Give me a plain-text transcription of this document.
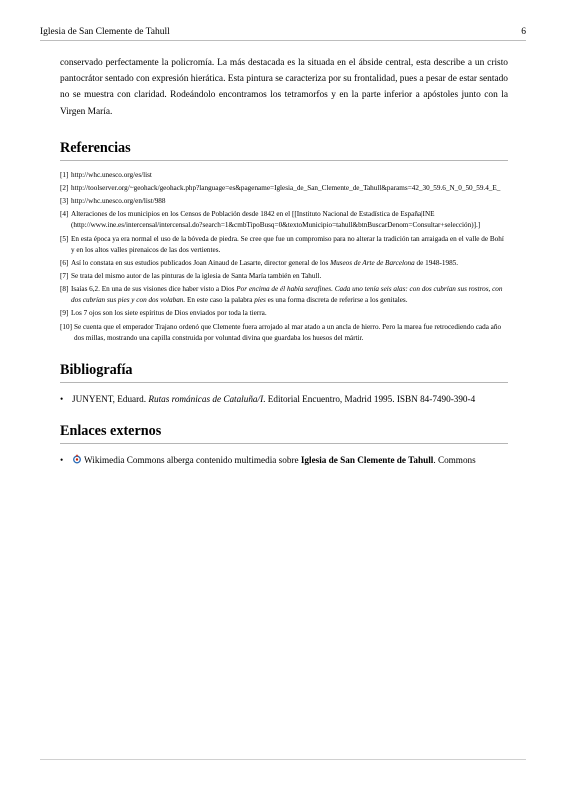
Iglesia de San Clemente de Tahull	6

conservado perfectamente la policromía. La más destacada es la situada en el ábside central, esta describe a un cristo pantocrátor sentado con expresión hierática. Esta pintura se caracteriza por su frontalidad, pues a pesar de estar sentado no se muestra con claridad. Rodeándolo encontramos los tetramorfos y en la parte inferior a apóstoles junto con la Virgen María.

Referencias
[1] http://whc.unesco.org/es/list
[2] http://toolserver.org/~geohack/geohack.php?language=es&pagename=Iglesia_de_San_Clemente_de_Tahull&params=42_30_59.6_N_0_50_59.4_E_
[3] http://whc.unesco.org/en/list/988
[4] Alteraciones de los municipios en los Censos de Población desde 1842 en el [[Instituto Nacional de Estadística de España|INE (http://www.ine.es/intercensal/intercensal.do?search=1&cmbTipoBusq=0&textoMunicipio=tahull&btnBuscarDenom=Consultar+selección)].]
[5] En esta época ya era normal el uso de la bóveda de piedra. Se cree que fue un compromiso para no alterar la tradición tan arraigada en el valle de Bohí y en los altos valles pirenaicos de las dos vertientes.
[6] Así lo constata en sus estudios publicados Joan Ainaud de Lasarte, director general de los Museos de Arte de Barcelona de 1948-1985.
[7] Se trata del mismo autor de las pinturas de la iglesia de Santa María también en Tahull.
[8] Isaías 6,2. En una de sus visiones dice haber visto a Dios Por encima de él había serafines. Cada uno tenía seis alas: con dos cubrían sus rostros, con dos cubrían sus pies y con dos volaban. En este caso la palabra pies es una forma discreta de referirse a los genitales.
[9] Los 7 ojos son los siete espíritus de Dios enviados por toda la tierra.
[10] Se cuenta que el emperador Trajano ordenó que Clemente fuera arrojado al mar atado a un ancla de hierro. Pero la marea fue retrocediendo cada año dos millas, mostrando una capilla construida por voluntad divina que guardaba los huesos del mártir.
Bibliografía
• JUNYENT, Eduard. Rutas románicas de Cataluña/I. Editorial Encuentro, Madrid 1995. ISBN 84-7490-390-4
Enlaces externos
• Wikimedia Commons alberga contenido multimedia sobre Iglesia de San Clemente de Tahull. Commons
